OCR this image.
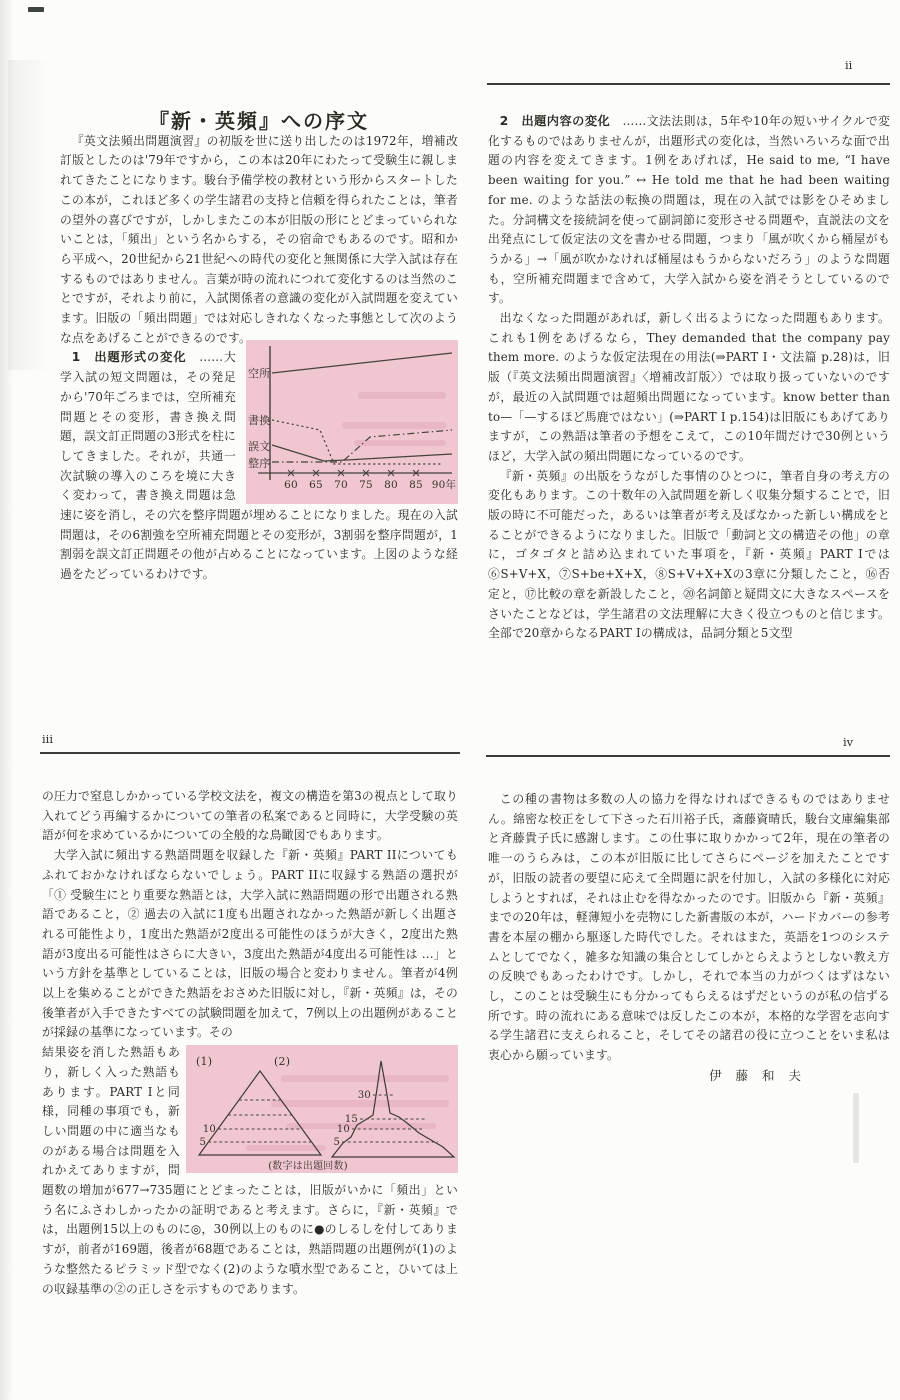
ii
iii	iv

『新・英頻』への序文

『英文法頻出問題演習』の初版を世に送り出したのは1972年，増補改訂版としたのは'79年ですから，この本は20年にわたって受験生に親しまれてきたことになります。駿台予備学校の教材という形からスタートしたこの本が，これほど多くの学生諸君の支持と信頼を得られたことは，筆者の望外の喜びですが，しかしまたこの本が旧版の形にとどまっていられないことは，「頻出」という名からする，その宿命でもあるのです。昭和から平成へ，20世紀から21世紀への時代の変化と無関係に大学入試は存在するものではありません。言葉が時の流れにつれて変化するのは当然のことですが，それより前に，入試関係者の意識の変化が入試問題を変えています。旧版の「頻出問題」では対応しきれなくなった事態として次のような点をあげることができるのです。

空所
書換
誤文
整序
60 65 70 75 80 85 90年
1　出題形式の変化　……大学入試の短文問題は，その発足から'70年ごろまでは，空所補充問題とその変形，書き換え問題，誤文訂正問題の3形式を柱にしてきました。それが，共通一次試験の導入のころを境に大きく変わって，書き換え問題は急速に姿を消し，その穴を整序問題が埋めることになりました。現在の入試問題は，その6割強を空所補充問題とその変形が，3割弱を整序問題が，1割弱を誤文訂正問題その他が占めることになっています。上図のような経過をたどっているわけです。

2　出題内容の変化　……文法法則は，5年や10年の短いサイクルで変化するものではありませんが，出題形式の変化は，当然いろいろな面で出題の内容を変えてきます。1例をあげれば，He said to me, “I have been waiting for you.” ↔ He told me that he had been waiting for me. のような話法の転換の問題は，現在の入試では影をひそめました。分詞構文を接続詞を使って副詞節に変形させる問題や，直説法の文を出発点にして仮定法の文を書かせる問題，つまり「風が吹くから桶屋がもうかる」→「風が吹かなければ桶屋はもうからないだろう」のような問題も，空所補充問題まで含めて，大学入試から姿を消そうとしているのです。

出なくなった問題があれば，新しく出るようになった問題もあります。これも1例をあげるなら，They demanded that the company pay them more. のような仮定法現在の用法(⇒PART I・文法篇 p.28)は，旧版（『英文法頻出問題演習』〈増補改訂版〉）では取り扱っていないのですが，最近の入試問題では超頻出問題になっています。know better than to—「—するほど馬鹿ではない」(⇒PART I p.154)は旧版にもあげてありますが，この熟語は筆者の予想をこえて，この10年間だけで30例というほど，大学入試の頻出問題になっているのです。

『新・英頻』の出版をうながした事情のひとつに，筆者自身の考え方の変化もあります。この十数年の入試問題を新しく収集分類することで，旧版の時に不可能だった，あるいは筆者が考え及ばなかった新しい構成をとることができるようになりました。旧版で「動詞と文の構造その他」の章に，ゴタゴタと詰め込まれていた事項を，『新・英頻』PART Iでは⑥S+V+X，⑦S+be+X+X，⑧S+V+X+Xの3章に分類したこと，⑯否定と，⑰比較の章を新設したこと，⑳名詞節と疑問文に大きなスペースをさいたことなどは，学生諸君の文法理解に大きく役立つものと信じます。全部で20章からなるPART Iの構成は，品詞分類と5文型

の圧力で窒息しかかっている学校文法を，複文の構造を第3の視点として取り入れてどう再編するかについての筆者の私案であると同時に，大学受験の英語が何を求めているかについての全般的な鳥瞰図でもあります。

大学入試に頻出する熟語問題を収録した『新・英頻』PART IIについてもふれておかなければならないでしょう。PART IIに収録する熟語の選択が「① 受験生にとり重要な熟語とは，大学入試に熟語問題の形で出題される熟語であること，② 過去の入試に1度も出題されなかった熟語が新しく出題される可能性より，1度出た熟語が2度出る可能性のほうが大きく，2度出た熟語が3度出る可能性はさらに大きい，3度出た熟語が4度出る可能性は ...」という方針を基準としていることは，旧版の場合と変わりません。筆者が4例以上を集めることができた熟語をおさめた旧版に対し，『新・英頻』は，その後筆者が入手できたすべての試験問題を加えて，7例以上の出題例があることが採録の基準になっています。その

(1)	(2)
10
5
30
15
10
5
(数字は出題回数)
結果姿を消した熟語もあり，新しく入った熟語もあります。PART Iと同様，同種の事項でも，新しい問題の中に適当なものがある場合は問題を入れかえてありますが，問題数の増加が677→735題にとどまったことは，旧版がいかに「頻出」という名にふさわしかったかの証明であると考えます。さらに，『新・英頻』では，出題例15以上のものに◎，30例以上のものに●のしるしを付してありますが，前者が169題，後者が68題であることは，熟語問題の出題例が(1)のような整然たるピラミッド型でなく(2)のような噴水型であること，ひいては上の収録基準の②の正しさを示すものであります。

この種の書物は多数の人の協力を得なければできるものではありません。綿密な校正をして下さった石川裕子氏，斎藤資晴氏，駿台文庫編集部と斉藤貴子氏に感謝します。この仕事に取りかかって2年，現在の筆者の唯一のうらみは，この本が旧版に比してさらにページを加えたことですが，旧版の読者の要望に応えて全問題に訳を付加し，入試の多様化に対応しようとすれば，それは止むを得なかったのです。旧版から『新・英頻』までの20年は，軽薄短小を売物にした新書版の本が，ハードカバーの参考書を本屋の棚から駆逐した時代でした。それはまた，英語を1つのシステムとしてでなく，雑多な知識の集合としてしかとらえようとしない教え方の反映でもあったわけです。しかし，それで本当の力がつくはずはないし，このことは受験生にも分かってもらえるはずだというのが私の信ずる所です。時の流れにある意味では反したこの本が，本格的な学習を志向する学生諸君に支えられること，そしてその諸君の役に立つことをいま私は衷心から願っています。

伊 藤 和 夫
